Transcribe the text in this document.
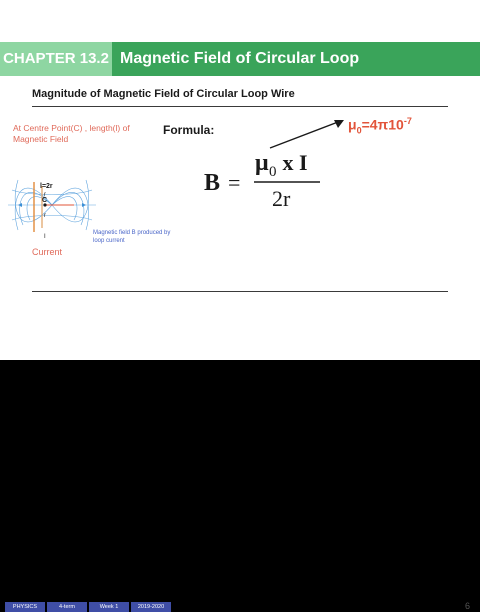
CHAPTER 13.2 Magnetic Field of Circular Loop
Magnitude of Magnetic Field of Circular Loop Wire
At Centre Point(C) , length(l) of Magnetic Field
l=2r
C
r
r
I
Magnetic field B produced by loop current
Current
Formula:	$\mu_0=4\pi 10^{-7}$
B =
μ 0 x I
2r
PHYSICS	4-term	Week 1	2019-2020	6
